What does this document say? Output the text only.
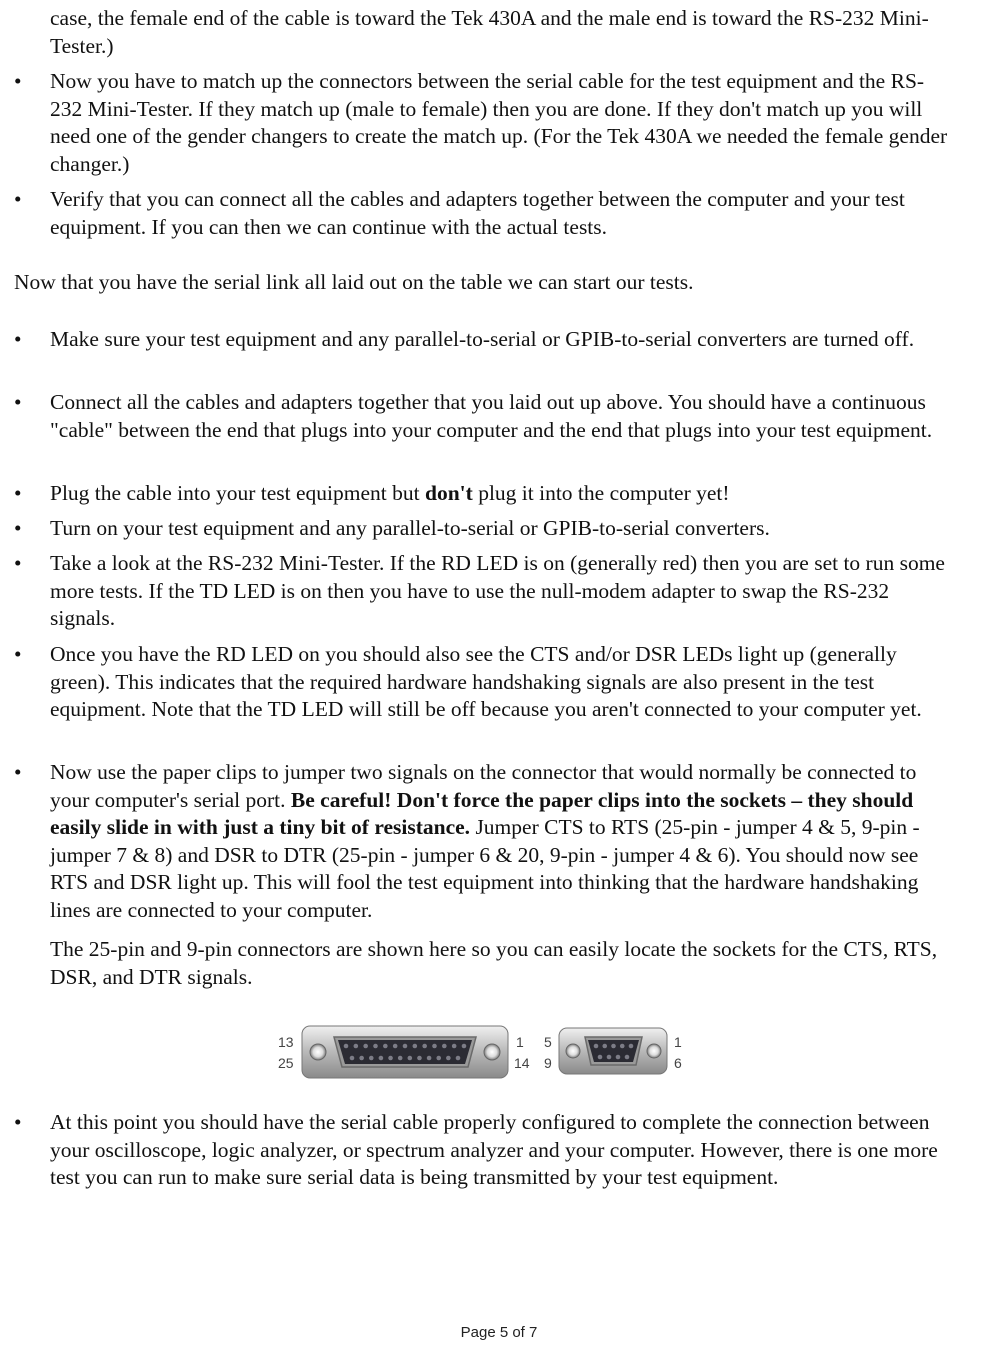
case, the female end of the cable is toward the Tek 430A and the male end is toward the RS-232 Mini-Tester.)
•	Now you have to match up the connectors between the serial cable for the test equipment and the RS-232 Mini-Tester. If they match up (male to female) then you are done. If they don't match up you will need one of the gender changers to create the match up. (For the Tek 430A we needed the female gender changer.)
•	Verify that you can connect all the cables and adapters together between the computer and your test equipment. If you can then we can continue with the actual tests.
Now that you have the serial link all laid out on the table we can start our tests.
•	Make sure your test equipment and any parallel-to-serial or GPIB-to-serial converters are turned off.
•	Connect all the cables and adapters together that you laid out up above. You should have a continuous "cable" between the end that plugs into your computer and the end that plugs into your test equipment.
•	Plug the cable into your test equipment but don't plug it into the computer yet!
•	Turn on your test equipment and any parallel-to-serial or GPIB-to-serial converters.
•	Take a look at the RS-232 Mini-Tester. If the RD LED is on (generally red) then you are set to run some more tests. If the TD LED is on then you have to use the null-modem adapter to swap the RS-232 signals.
•	Once you have the RD LED on you should also see the CTS and/or DSR LEDs light up (generally green). This indicates that the required hardware handshaking signals are also present in the test equipment. Note that the TD LED will still be off because you aren't connected to your computer yet.
•	Now use the paper clips to jumper two signals on the connector that would normally be connected to your computer's serial port. Be careful! Don't force the paper clips into the sockets – they should easily slide in with just a tiny bit of resistance. Jumper CTS to RTS (25-pin - jumper 4 & 5, 9-pin - jumper 7 & 8) and DSR to DTR (25-pin - jumper 6 & 20, 9-pin - jumper 4 & 6). You should now see RTS and DSR light up. This will fool the test equipment into thinking that the hardware handshaking lines are connected to your computer.
The 25-pin and 9-pin connectors are shown here so you can easily locate the sockets for the CTS, RTS, DSR, and DTR signals.
13
25
1
14
5
9
1
6
•	At this point you should have the serial cable properly configured to complete the connection between your oscilloscope, logic analyzer, or spectrum analyzer and your computer. However, there is one more test you can run to make sure serial data is being transmitted by your test equipment.
Page 5 of 7
